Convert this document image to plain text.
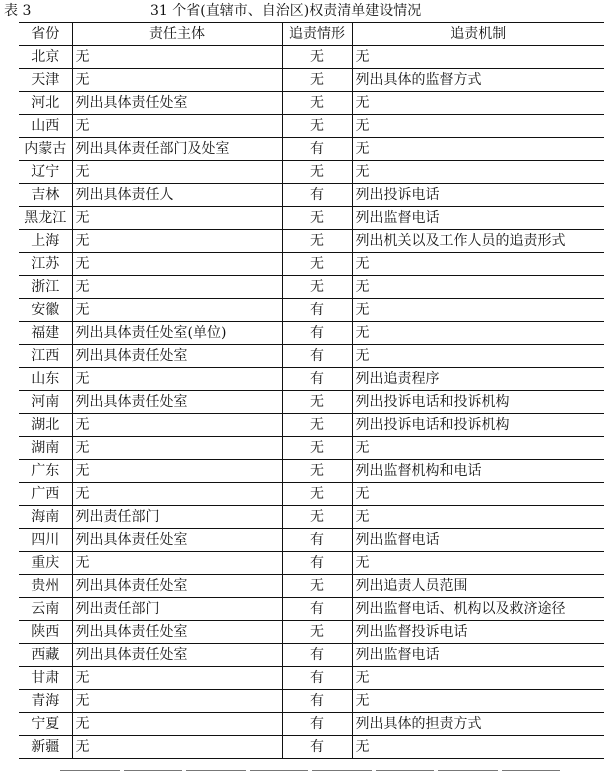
表 3	31 个省(直辖市、自治区)权责清单建设情况
省份	责任主体	追责情形	追责机制
北京	无	无	无
天津	无	无	列出具体的监督方式
河北	列出具体责任处室	无	无
山西	无	无	无
内蒙古	列出具体责任部门及处室	有	无
辽宁	无	无	无
吉林	列出具体责任人	有	列出投诉电话
黑龙江	无	无	列出监督电话
上海	无	无	列出机关以及工作人员的追责形式
江苏	无	无	无
浙江	无	无	无
安徽	无	有	无
福建	列出具体责任处室(单位)	有	无
江西	列出具体责任处室	有	无
山东	无	有	列出追责程序
河南	列出具体责任处室	无	列出投诉电话和投诉机构
湖北	无	无	列出投诉电话和投诉机构
湖南	无	无	无
广东	无	无	列出监督机构和电话
广西	无	无	无
海南	列出责任部门	无	无
四川	列出具体责任处室	有	列出监督电话
重庆	无	有	无
贵州	列出具体责任处室	无	列出追责人员范围
云南	列出责任部门	有	列出监督电话、机构以及救济途径
陕西	列出具体责任处室	无	列出监督投诉电话
西藏	列出具体责任处室	有	列出监督电话
甘肃	无	有	无
青海	无	有	无
宁夏	无	有	列出具体的担责方式
新疆	无	有	无
